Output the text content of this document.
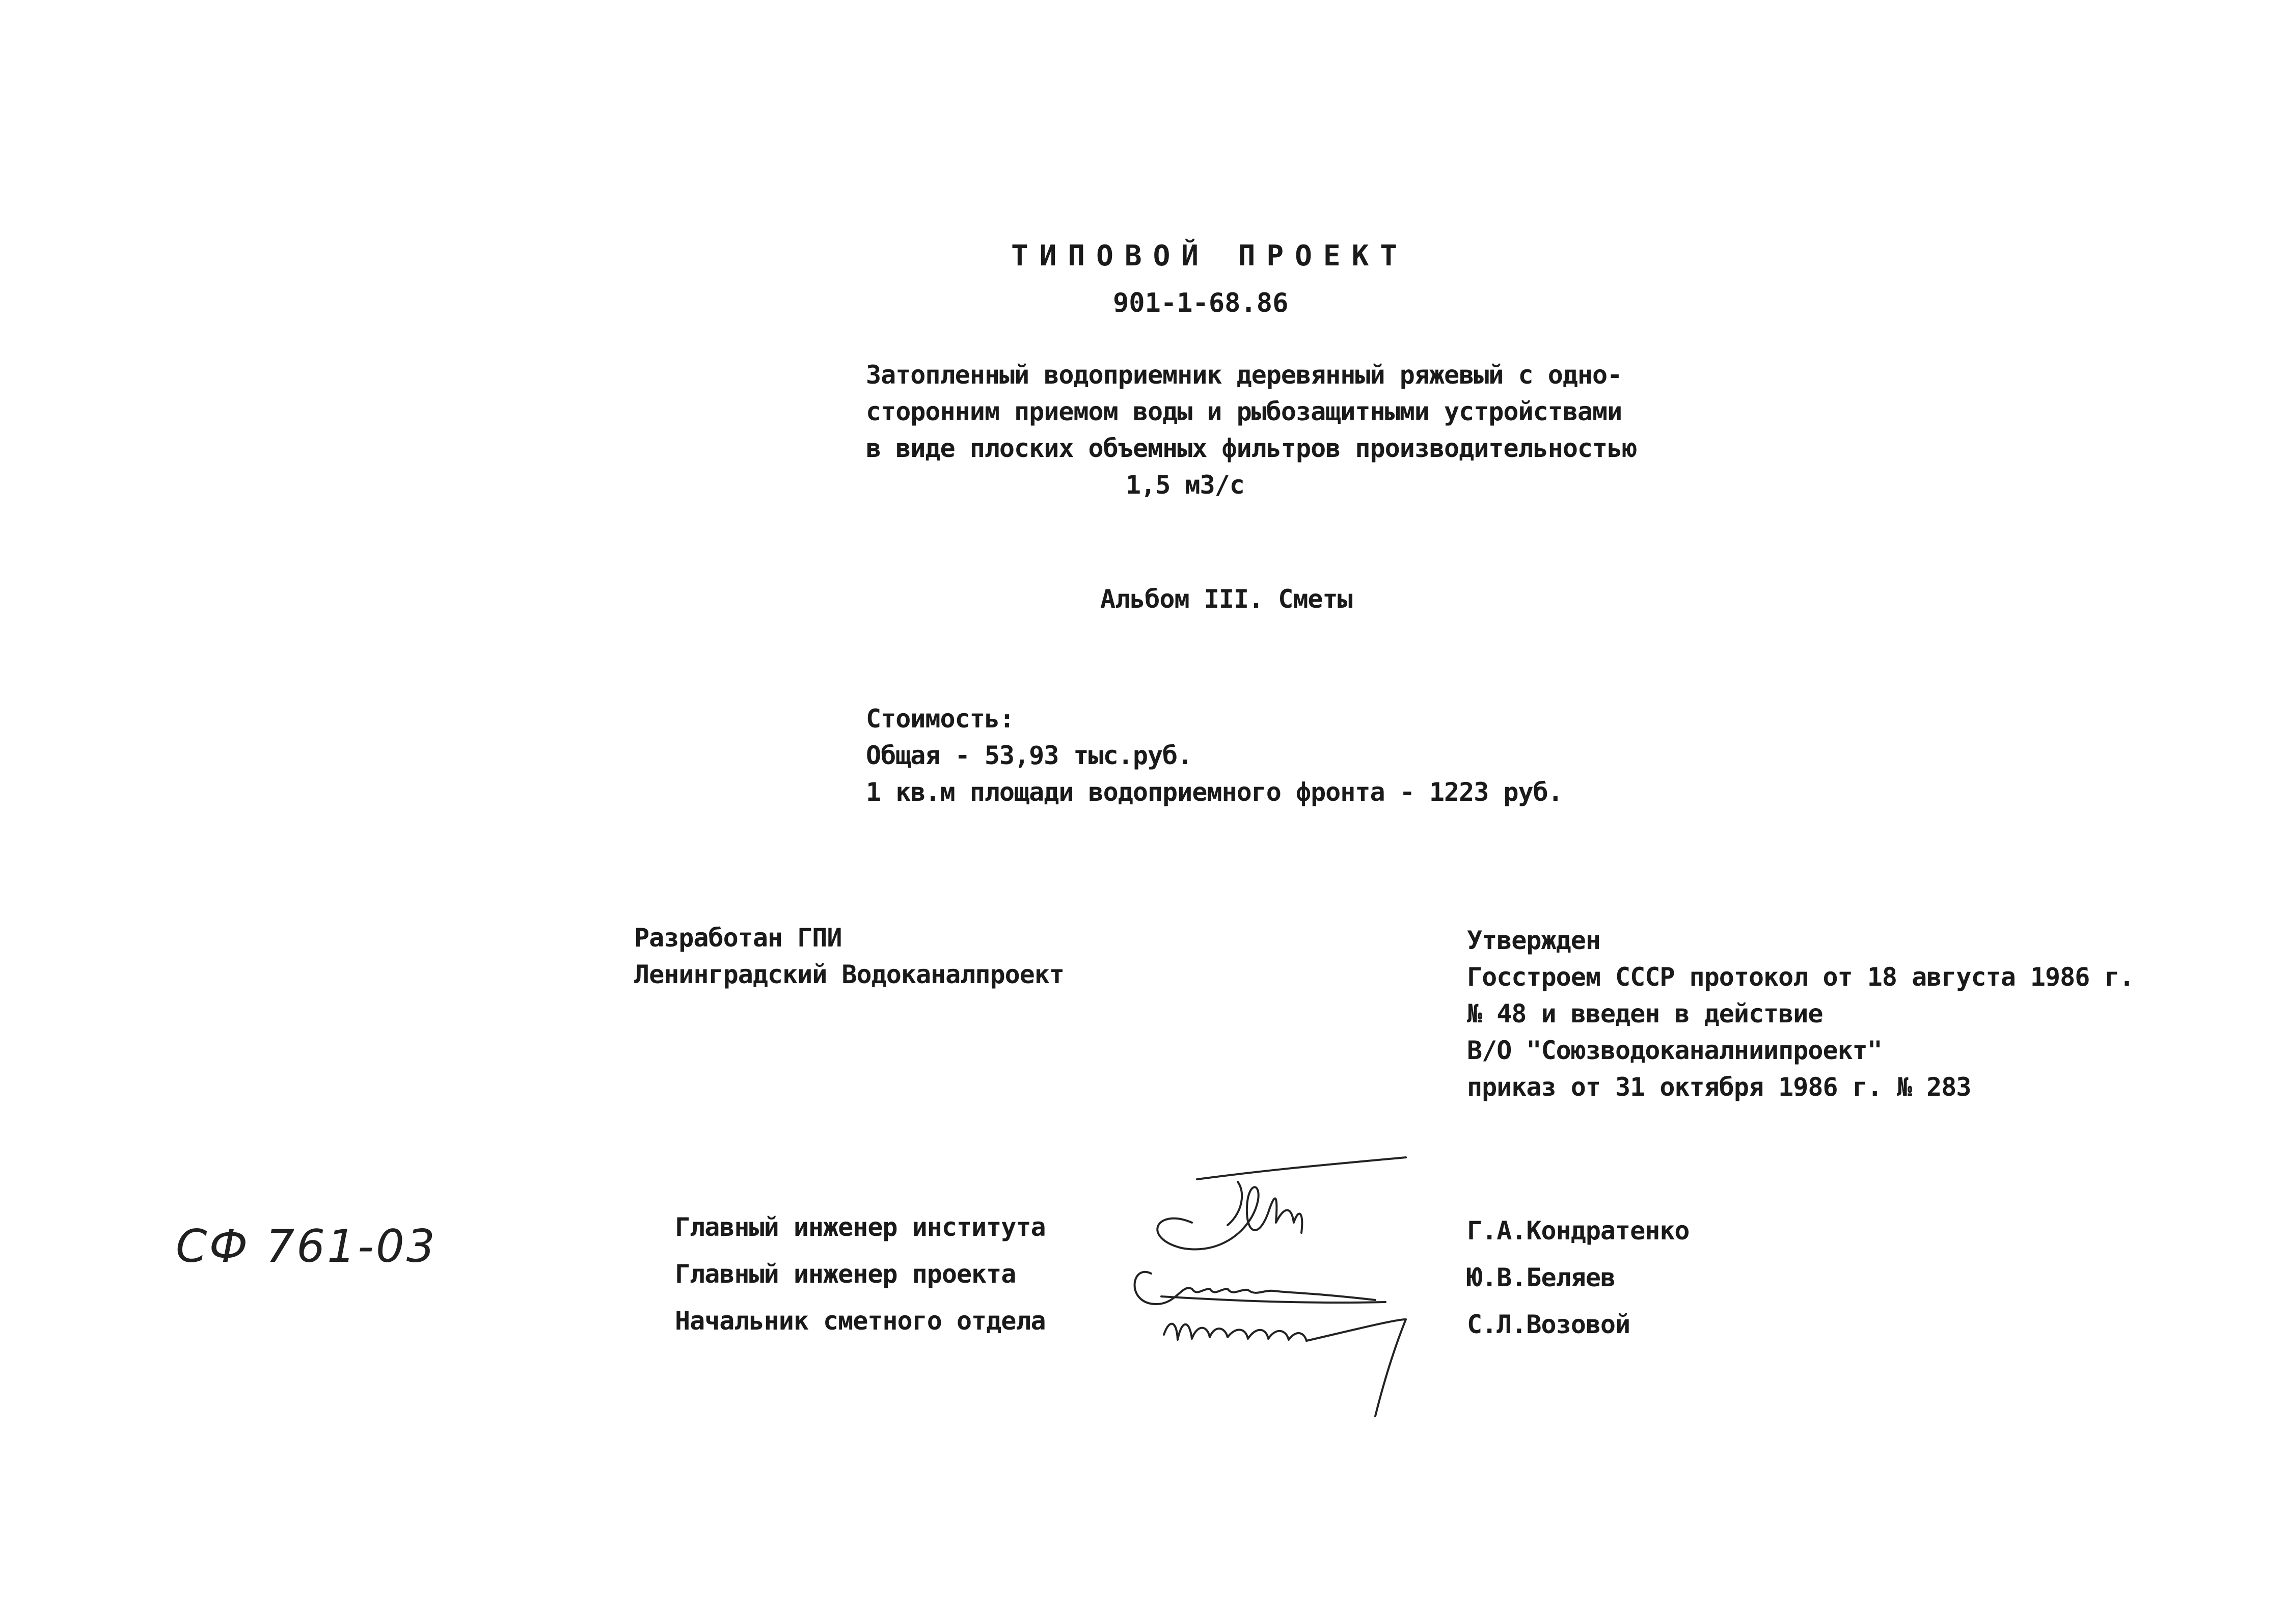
ТИПОВОЙ ПРОЕКТ
901-1-68.86
Затопленный водоприемник деревянный ряжевый с одно-
сторонним приемом воды и рыбозащитными устройствами
в виде плоских объемных фильтров производительностью
1,5 м3/с
Альбом III. Сметы
Стоимость:
Общая - 53,93 тыс.руб.
1 кв.м площади водоприемного фронта - 1223 руб.
Разработан ГПИ
Ленинградский Водоканалпроект
Утвержден
Госстроем СССР протокол от 18 августа 1986 г.
№ 48 и введен в действие
В/О "Союзводоканалниипроект"
приказ от 31 октября 1986 г. № 283
Главный инженер института
Главный инженер проекта
Начальник сметного отдела
Г.А.Кондратенко
Ю.В.Беляев
С.Л.Возовой
СФ 761-03
